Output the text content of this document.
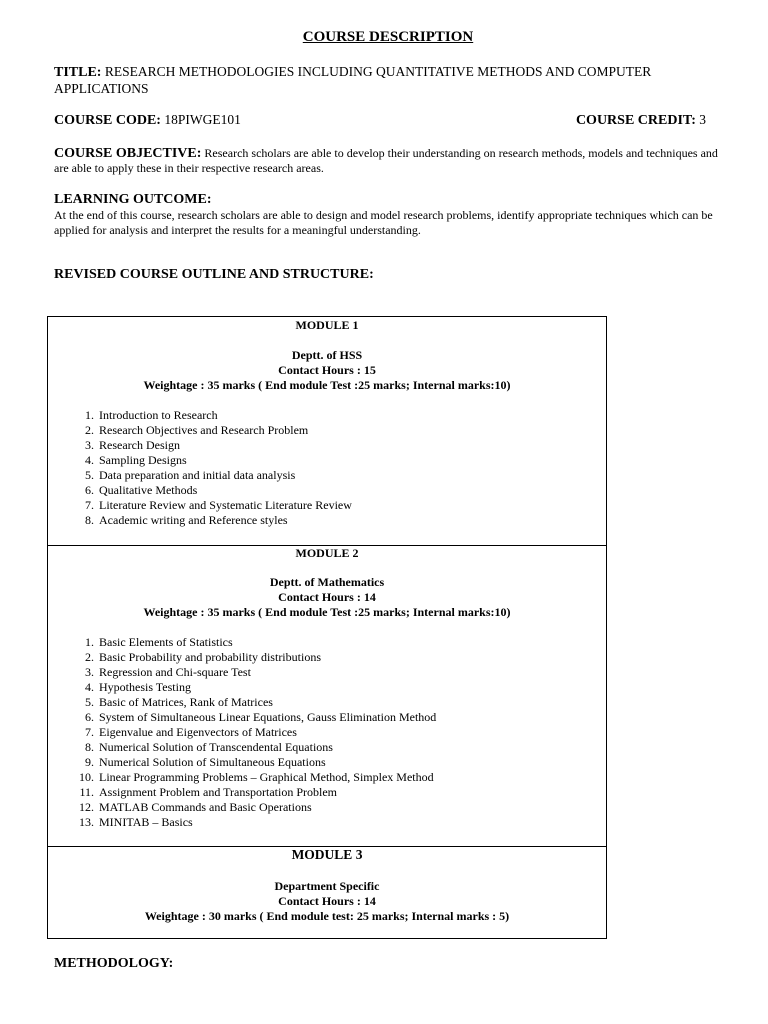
COURSE DESCRIPTION
TITLE: RESEARCH METHODOLOGIES INCLUDING QUANTITATIVE METHODS AND COMPUTER APPLICATIONS
COURSE CODE: 18PIWGE101	COURSE CREDIT: 3
COURSE OBJECTIVE: Research scholars are able to develop their understanding on research methods, models and techniques and are able to apply these in their respective research areas.
LEARNING OUTCOME:
At the end of this course, research scholars are able to design and model research problems, identify appropriate techniques which can be applied for analysis and interpret the results for a meaningful understanding.
REVISED COURSE OUTLINE AND STRUCTURE:
MODULE 1
Deptt. of HSS
Contact Hours : 15
Weightage : 35 marks ( End module Test :25 marks; Internal marks:10)
1. Introduction to Research
2. Research Objectives and Research Problem
3. Research Design
4. Sampling Designs
5. Data preparation and initial data analysis
6. Qualitative Methods
7. Literature Review and Systematic Literature Review
8. Academic writing and Reference styles
MODULE 2
Deptt. of Mathematics
Contact Hours : 14
Weightage : 35 marks ( End module Test :25 marks; Internal marks:10)
1. Basic Elements of Statistics
2. Basic Probability and probability distributions
3. Regression and Chi-square Test
4. Hypothesis Testing
5. Basic of Matrices, Rank of Matrices
6. System of Simultaneous Linear Equations, Gauss Elimination Method
7. Eigenvalue and Eigenvectors of Matrices
8. Numerical Solution of Transcendental Equations
9. Numerical Solution of Simultaneous Equations
10. Linear Programming Problems – Graphical Method, Simplex Method
11. Assignment Problem and Transportation Problem
12. MATLAB Commands and Basic Operations
13. MINITAB – Basics
MODULE 3
Department Specific
Contact Hours : 14
Weightage : 30 marks ( End module test: 25 marks; Internal marks : 5)
METHODOLOGY:
